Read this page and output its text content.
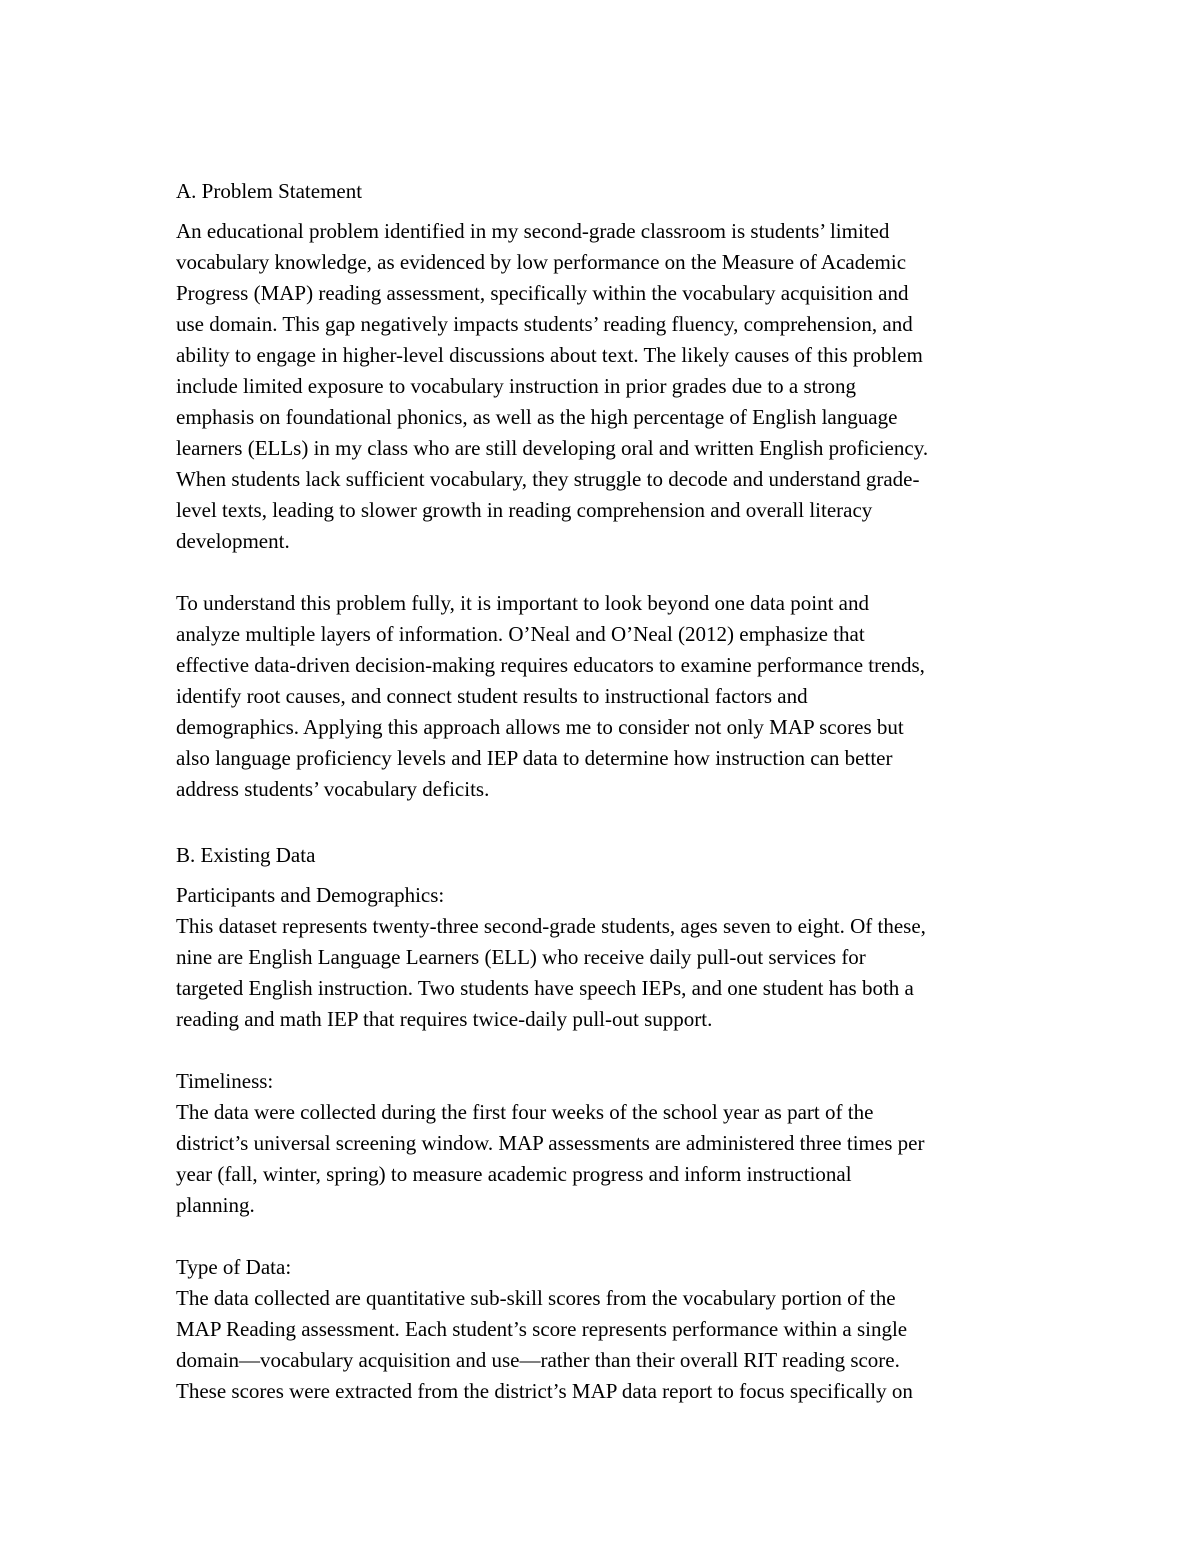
A. Problem Statement
An educational problem identified in my second-grade classroom is students’ limited
vocabulary knowledge, as evidenced by low performance on the Measure of Academic
Progress (MAP) reading assessment, specifically within the vocabulary acquisition and
use domain. This gap negatively impacts students’ reading fluency, comprehension, and
ability to engage in higher-level discussions about text. The likely causes of this problem
include limited exposure to vocabulary instruction in prior grades due to a strong
emphasis on foundational phonics, as well as the high percentage of English language
learners (ELLs) in my class who are still developing oral and written English proficiency.
When students lack sufficient vocabulary, they struggle to decode and understand grade-
level texts, leading to slower growth in reading comprehension and overall literacy
development.
To understand this problem fully, it is important to look beyond one data point and
analyze multiple layers of information. O’Neal and O’Neal (2012) emphasize that
effective data-driven decision-making requires educators to examine performance trends,
identify root causes, and connect student results to instructional factors and
demographics. Applying this approach allows me to consider not only MAP scores but
also language proficiency levels and IEP data to determine how instruction can better
address students’ vocabulary deficits.
B. Existing Data
Participants and Demographics:
This dataset represents twenty-three second-grade students, ages seven to eight. Of these,
nine are English Language Learners (ELL) who receive daily pull-out services for
targeted English instruction. Two students have speech IEPs, and one student has both a
reading and math IEP that requires twice-daily pull-out support.
Timeliness:
The data were collected during the first four weeks of the school year as part of the
district’s universal screening window. MAP assessments are administered three times per
year (fall, winter, spring) to measure academic progress and inform instructional
planning.
Type of Data:
The data collected are quantitative sub-skill scores from the vocabulary portion of the
MAP Reading assessment. Each student’s score represents performance within a single
domain—vocabulary acquisition and use—rather than their overall RIT reading score.
These scores were extracted from the district’s MAP data report to focus specifically on
